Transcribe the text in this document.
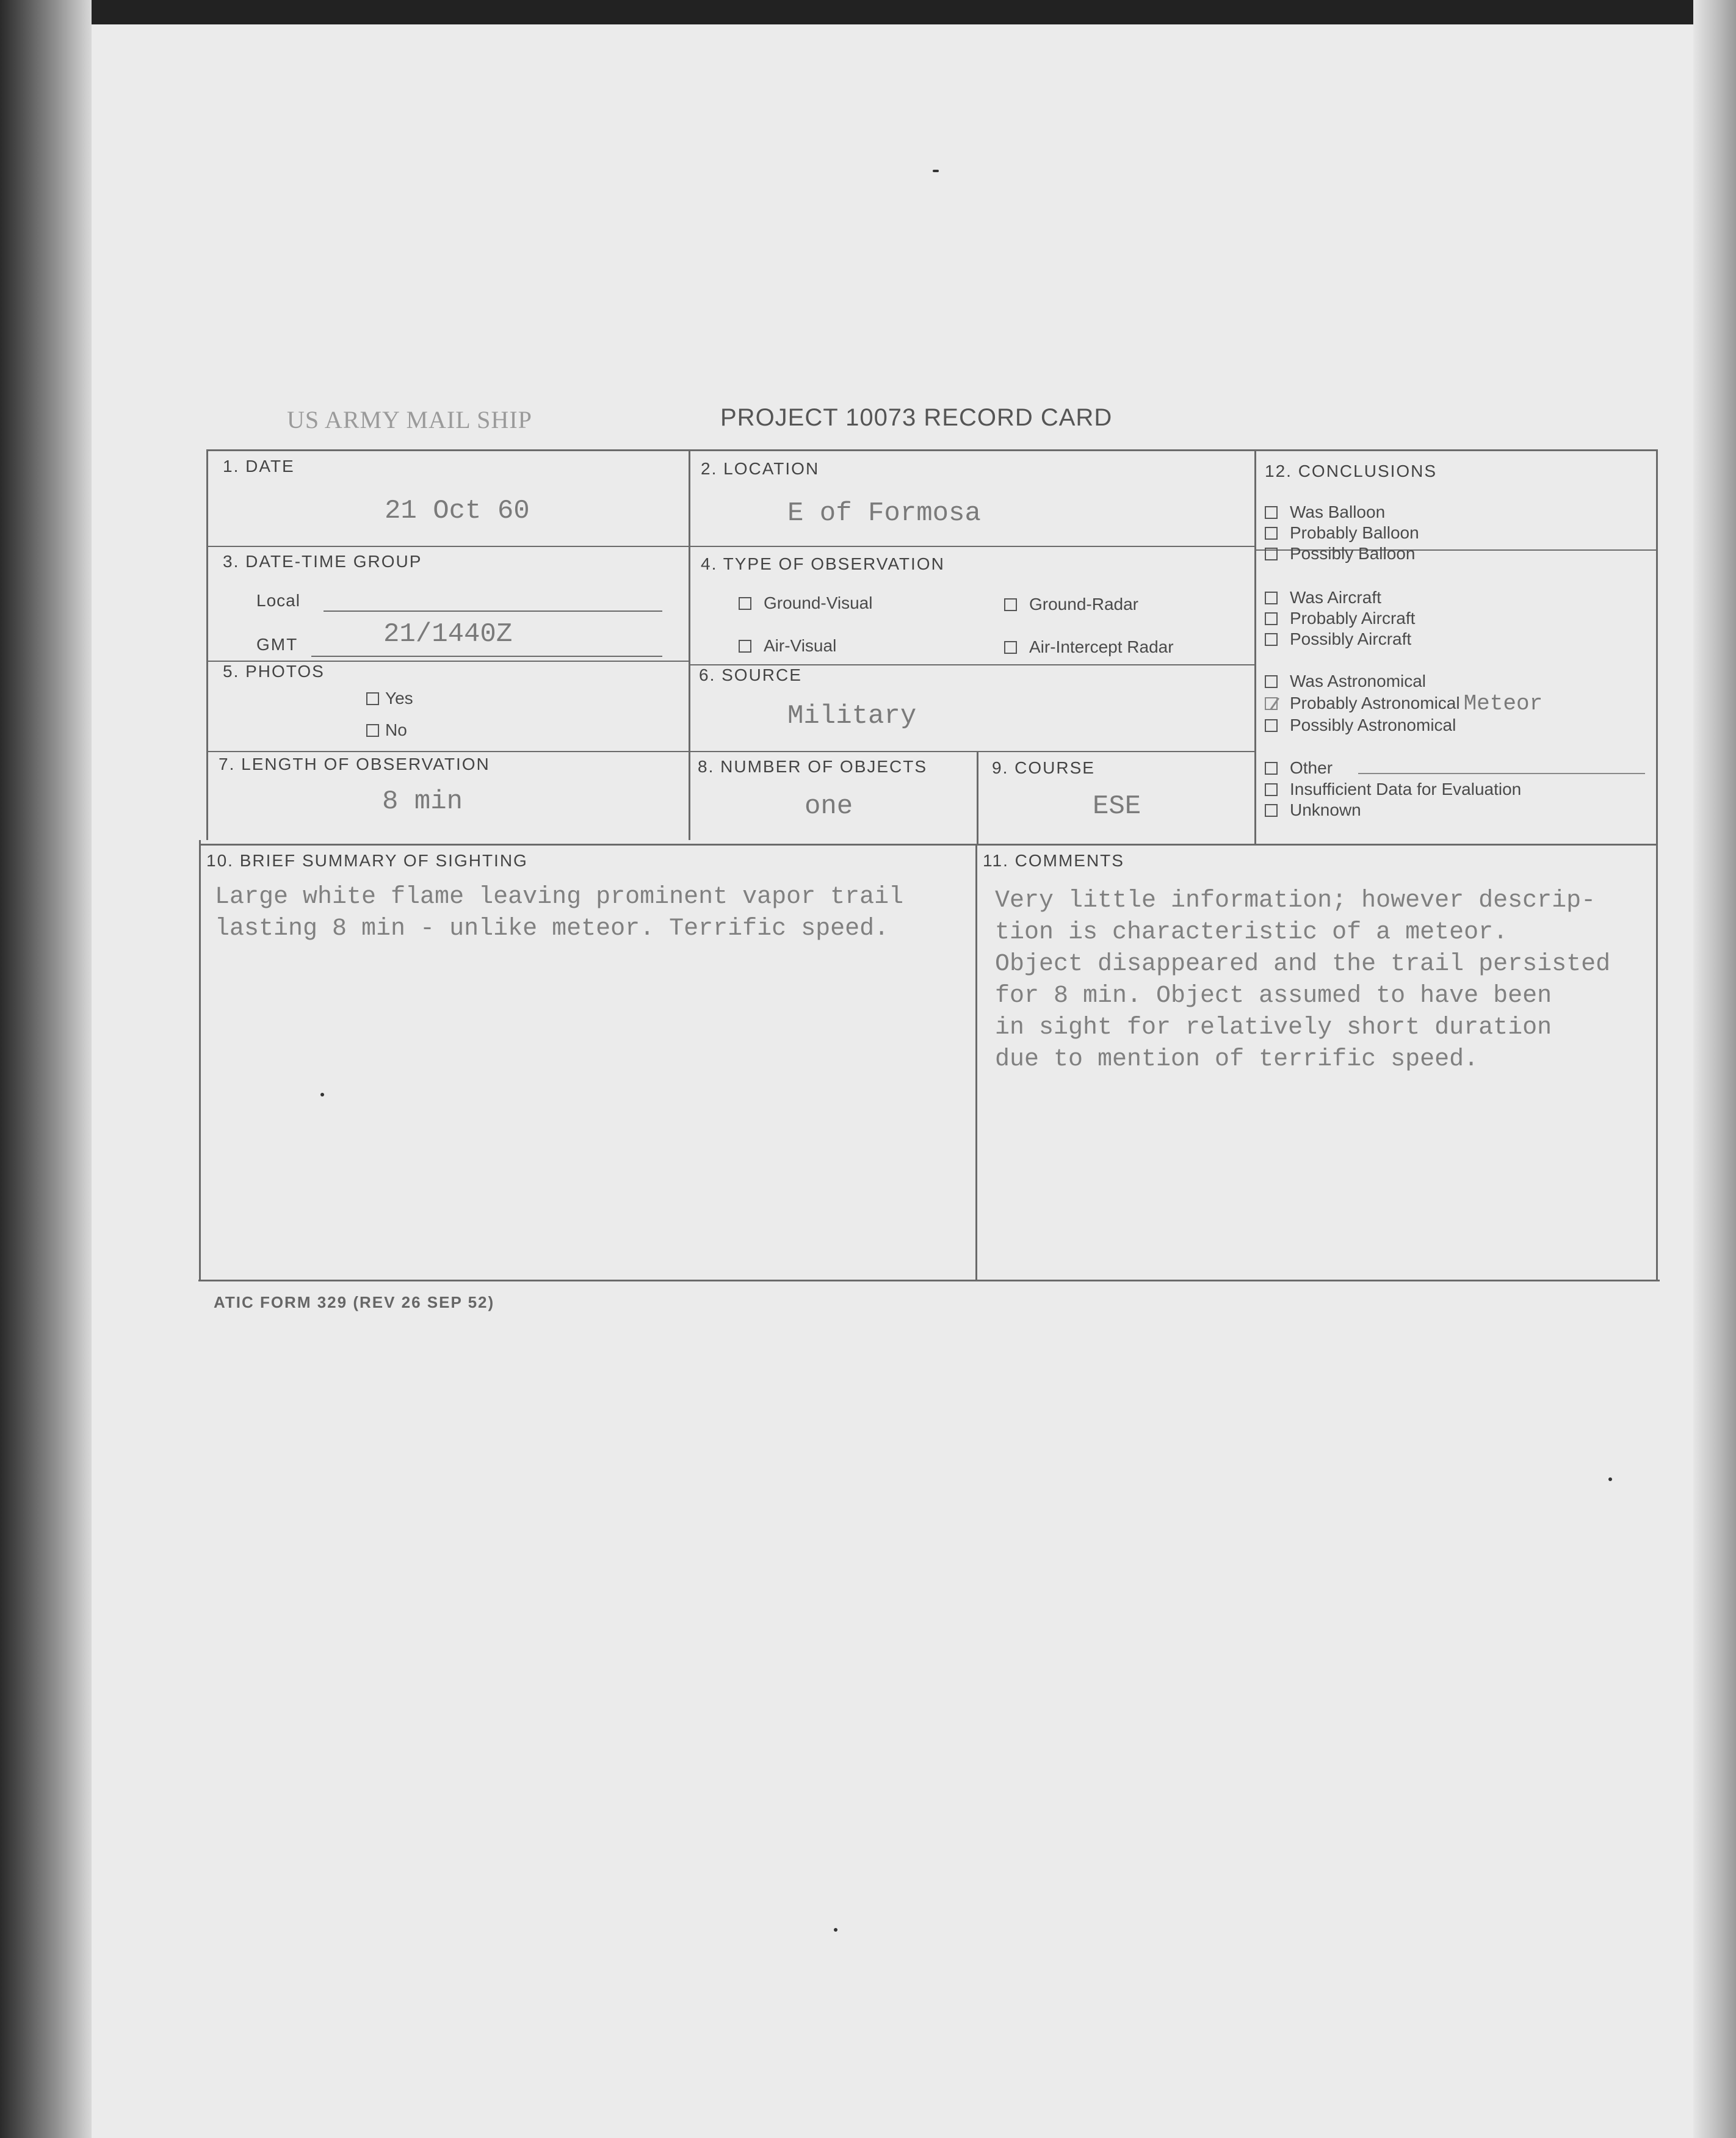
US ARMY MAIL SHIP	PROJECT 10073 RECORD CARD
1. DATE
21 Oct 60
2. LOCATION
E of Formosa
3. DATE-TIME GROUP
Local
GMT	21/1440Z
4. TYPE OF OBSERVATION
Ground-Visual	Ground-Radar
Air-Visual	Air-Intercept Radar
5. PHOTOS
Yes
No
6. SOURCE
Military
7. LENGTH OF OBSERVATION
8 min
8. NUMBER OF OBJECTS
one
9. COURSE
ESE
12. CONCLUSIONS
Was Balloon
Probably Balloon
Possibly Balloon
Was Aircraft
Probably Aircraft
Possibly Aircraft
Was Astronomical
Probably Astronomical Meteor
Possibly Astronomical
Other
Insufficient Data for Evaluation
Unknown
10. BRIEF SUMMARY OF SIGHTING
Large white flame leaving prominent vapor trail
lasting 8 min - unlike meteor. Terrific speed.
11. COMMENTS
Very little information; however descrip-
tion is characteristic of a meteor.
Object disappeared and the trail persisted
for 8 min. Object assumed to have been
in sight for relatively short duration
due to mention of terrific speed.
ATIC FORM 329 (REV 26 SEP 52)
